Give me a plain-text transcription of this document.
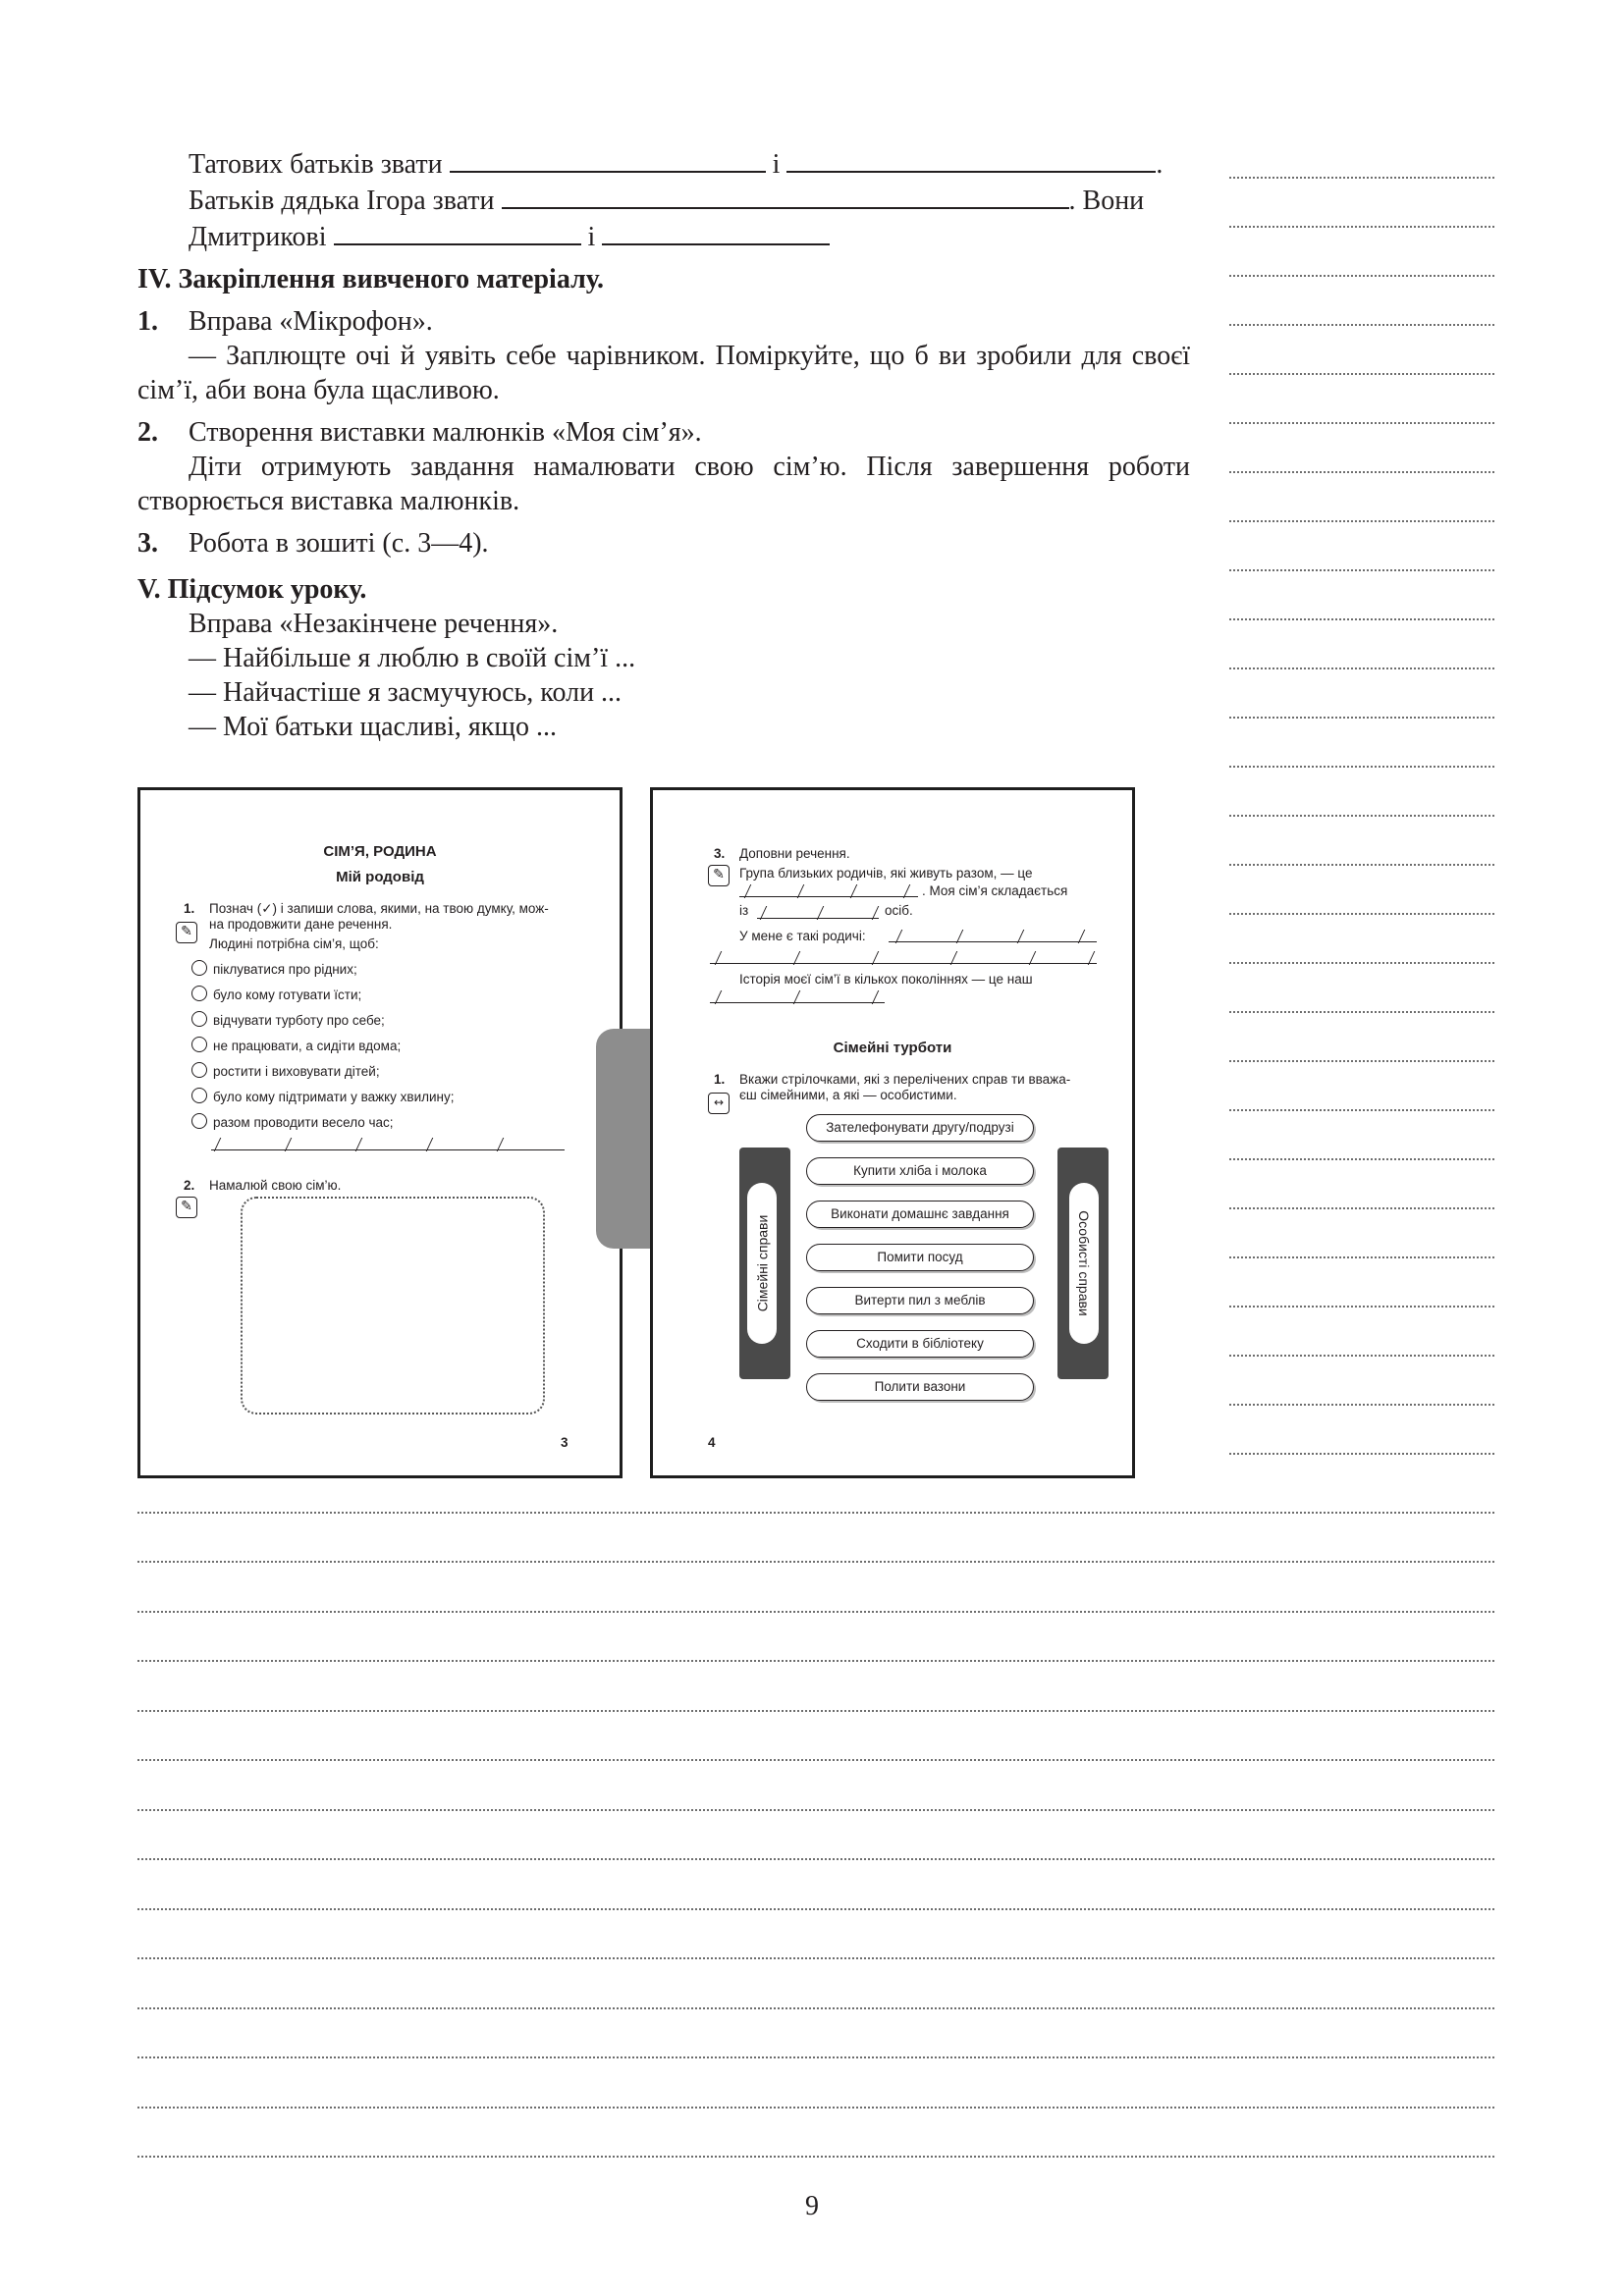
Татових батьків звати	і	.
Батьків дядька Ігора звати	. Вони
Дмитрикові	і
IV. Закріплення вивченого матеріалу.
1. Вправа «Мікрофон».
— Заплющте очі й уявіть себе чарівником. Поміркуйте, що б ви зробили для своєї сім’ї, аби вона була щасливою.
2. Створення виставки малюнків «Моя сім’я».
Діти отримують завдання намалювати свою сім’ю. Після завершення роботи створюється виставка малюнків.
3. Робота в зошиті (с. 3—4).
V. Підсумок уроку.
Вправа «Незакінчене речення».
— Найбільше я люблю в своїй сім’ї ...
— Найчастіше я засмучуюсь, коли ...
— Мої батьки щасливі, якщо ...
СІМ’Я, РОДИНА
Мій родовід
1. Познач (✓) і запиши слова, якими, на твою думку, мож-
на продовжити дане речення.
✎
Людині потрібна сім’я, щоб:
піклуватися про рідних;
було кому готувати їсти;
відчувати турботу про себе;
не працювати, а сидіти вдома;
ростити і виховувати дітей;
було кому підтримати у важку хвилину;
разом проводити весело час;
2. Намалюй свою сім’ю.
✎
3
3. Доповни речення.
✎	Група близьких родичів, які живуть разом, — це
. Моя сім’я складається
із	осіб.
У мене є такі родичі:
Історія моєї сім’ї в кількох поколіннях — це наш
Сімейні турботи
1. Вкажи стрілочками, які з перелічених справ ти вважа-
єш сімейними, а які — особистими.
↔
Сімейні справи	Особисті справи
Зателефонувати другу/подрузі
Купити хліба і молока
Виконати домашнє завдання
Помити посуд
Витерти пил з меблів
Сходити в бібліотеку
Полити вазони
4
9
